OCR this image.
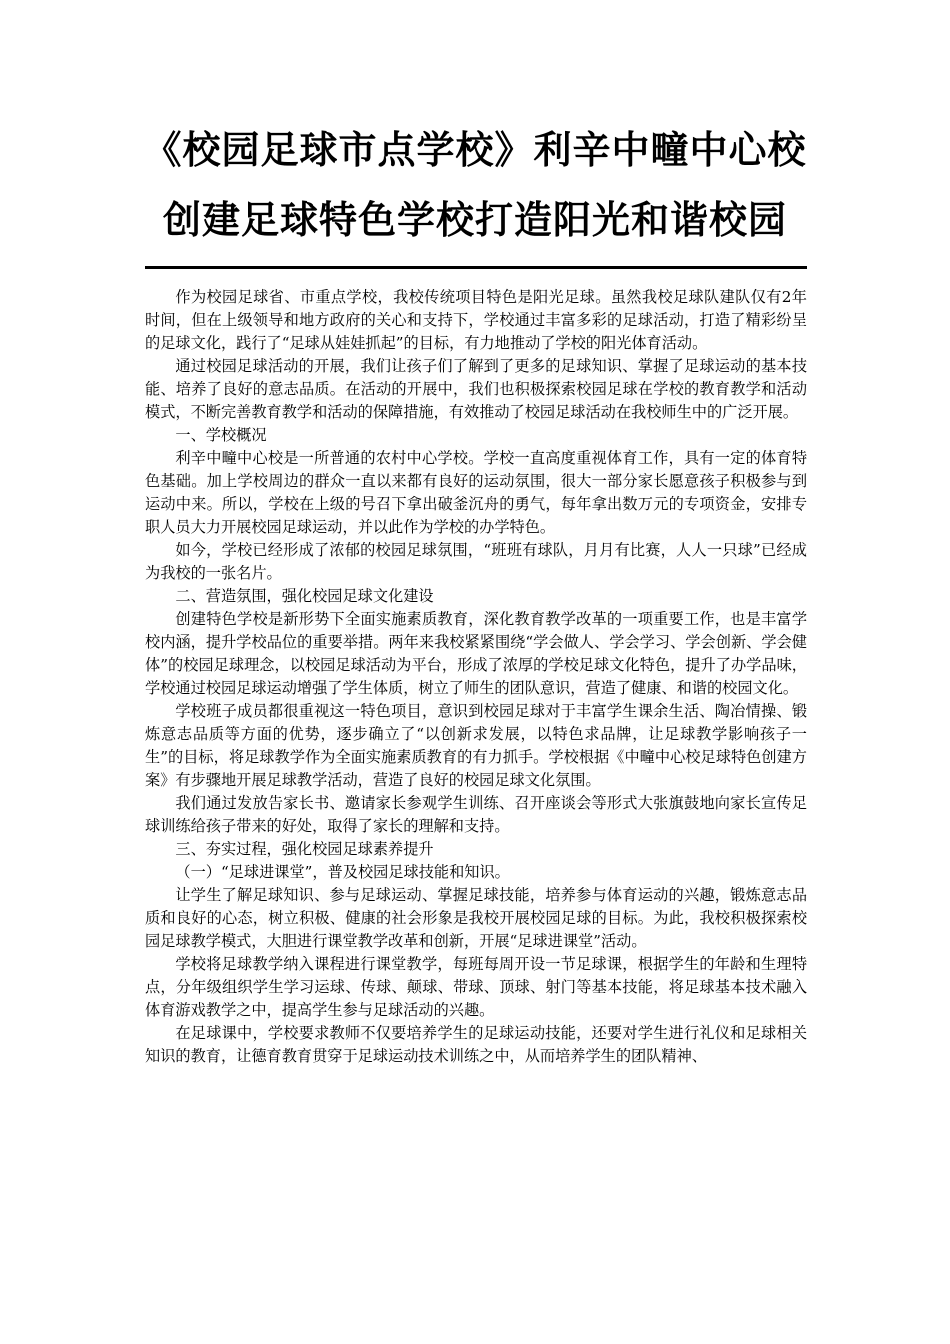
《校园足球市点学校》利辛中疃中心校
创建足球特色学校打造阳光和谐校园

作为校园足球省、市重点学校，我校传统项目特色是阳光足球。虽然我校足球队建队仅有2年时间，但在上级领导和地方政府的关心和支持下，学校通过丰富多彩的足球活动，打造了精彩纷呈的足球文化，践行了“足球从娃娃抓起”的目标，有力地推动了学校的阳光体育活动。

通过校园足球活动的开展，我们让孩子们了解到了更多的足球知识、掌握了足球运动的基本技能、培养了良好的意志品质。在活动的开展中，我们也积极探索校园足球在学校的教育教学和活动模式，不断完善教育教学和活动的保障措施，有效推动了校园足球活动在我校师生中的广泛开展。

一、学校概况

利辛中疃中心校是一所普通的农村中心学校。学校一直高度重视体育工作，具有一定的体育特色基础。加上学校周边的群众一直以来都有良好的运动氛围，很大一部分家长愿意孩子积极参与到运动中来。所以，学校在上级的号召下拿出破釜沉舟的勇气，每年拿出数万元的专项资金，安排专职人员大力开展校园足球运动，并以此作为学校的办学特色。

如今，学校已经形成了浓郁的校园足球氛围，“班班有球队，月月有比赛，人人一只球”已经成为我校的一张名片。

二、营造氛围，强化校园足球文化建设

创建特色学校是新形势下全面实施素质教育，深化教育教学改革的一项重要工作，也是丰富学校内涵，提升学校品位的重要举措。两年来我校紧紧围绕“学会做人、学会学习、学会创新、学会健体”的校园足球理念，以校园足球活动为平台，形成了浓厚的学校足球文化特色，提升了办学品味，学校通过校园足球运动增强了学生体质，树立了师生的团队意识，营造了健康、和谐的校园文化。

学校班子成员都很重视这一特色项目，意识到校园足球对于丰富学生课余生活、陶冶情操、锻炼意志品质等方面的优势，逐步确立了“以创新求发展，以特色求品牌，让足球教学影响孩子一生”的目标，将足球教学作为全面实施素质教育的有力抓手。学校根据《中疃中心校足球特色创建方案》有步骤地开展足球教学活动，营造了良好的校园足球文化氛围。

我们通过发放告家长书、邀请家长参观学生训练、召开座谈会等形式大张旗鼓地向家长宣传足球训练给孩子带来的好处，取得了家长的理解和支持。

三、夯实过程，强化校园足球素养提升

（一）“足球进课堂”，普及校园足球技能和知识。

让学生了解足球知识、参与足球运动、掌握足球技能，培养参与体育运动的兴趣，锻炼意志品质和良好的心态，树立积极、健康的社会形象是我校开展校园足球的目标。为此，我校积极探索校园足球教学模式，大胆进行课堂教学改革和创新，开展“足球进课堂”活动。

学校将足球教学纳入课程进行课堂教学，每班每周开设一节足球课，根据学生的年龄和生理特点，分年级组织学生学习运球、传球、颠球、带球、顶球、射门等基本技能，将足球基本技术融入体育游戏教学之中，提高学生参与足球活动的兴趣。

在足球课中，学校要求教师不仅要培养学生的足球运动技能，还要对学生进行礼仪和足球相关知识的教育，让德育教育贯穿于足球运动技术训练之中，从而培养学生的团队精神、
